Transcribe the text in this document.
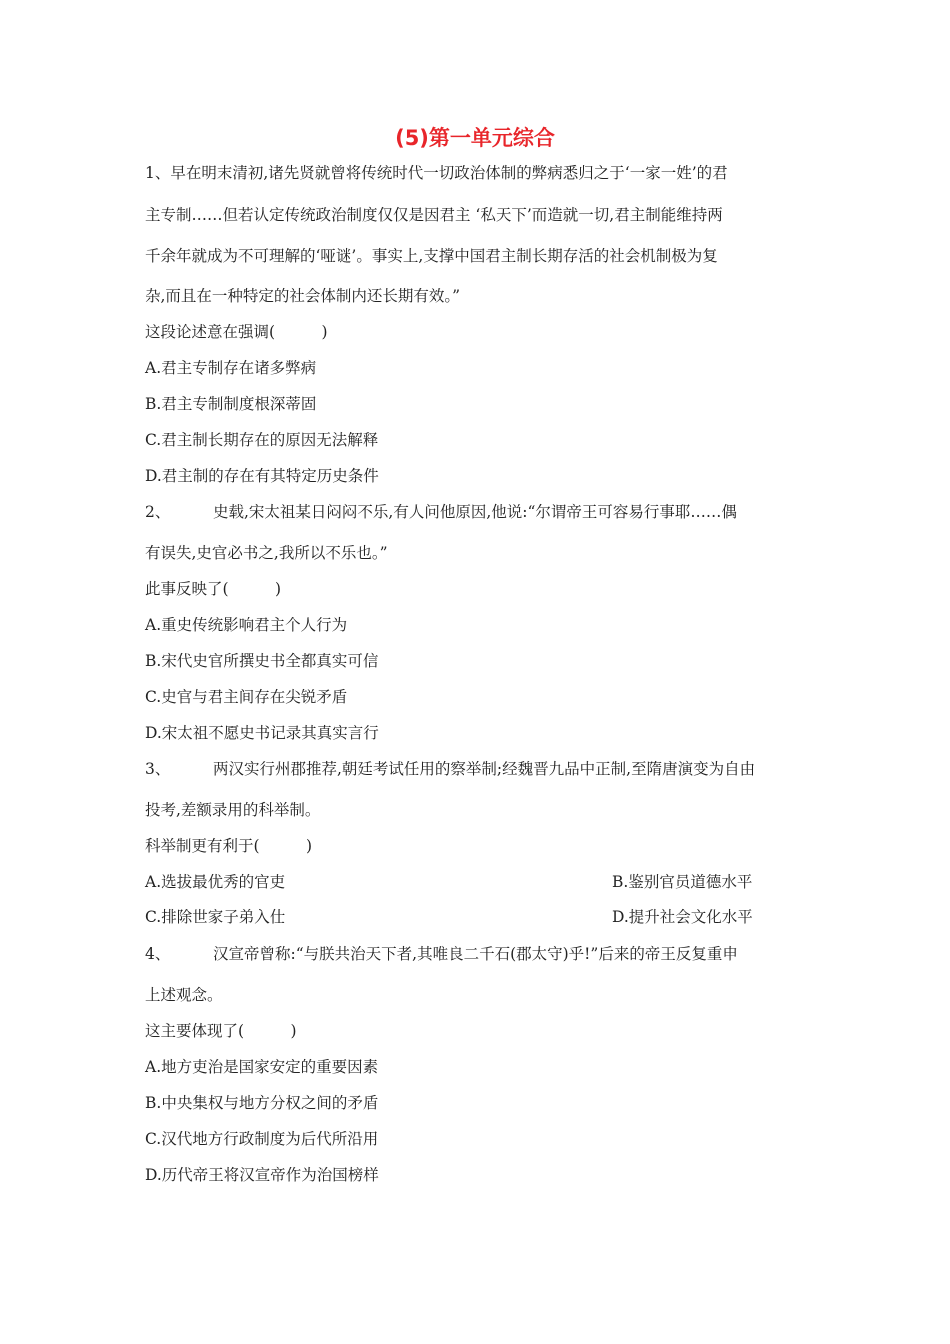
(5)第一单元综合
1、早在明末清初,诸先贤就曾将传统时代一切政治体制的弊病悉归之于‘一家一姓’的君
主专制……但若认定传统政治制度仅仅是因君主 ‘私天下’而造就一切,君主制能维持两
千余年就成为不可理解的‘哑谜’。事实上,支撑中国君主制长期存活的社会机制极为复
杂,而且在一种特定的社会体制内还长期有效。”
这段论述意在强调(　　　)
A.君主专制存在诸多弊病
B.君主专制制度根深蒂固
C.君主制长期存在的原因无法解释
D.君主制的存在有其特定历史条件
2、	史载,宋太祖某日闷闷不乐,有人问他原因,他说:“尔谓帝王可容易行事耶……偶
有误失,史官必书之,我所以不乐也。”
此事反映了(　　　)
A.重史传统影响君主个人行为
B.宋代史官所撰史书全都真实可信
C.史官与君主间存在尖锐矛盾
D.宋太祖不愿史书记录其真实言行
3、	两汉实行州郡推荐,朝廷考试任用的察举制;经魏晋九品中正制,至隋唐演变为自由
投考,差额录用的科举制。
科举制更有利于(　　　)
A.选拔最优秀的官吏	B.鉴别官员道德水平
C.排除世家子弟入仕	D.提升社会文化水平
4、	汉宣帝曾称:“与朕共治天下者,其唯良二千石(郡太守)乎!”后来的帝王反复重申
上述观念。
这主要体现了(　　　)
A.地方吏治是国家安定的重要因素
B.中央集权与地方分权之间的矛盾
C.汉代地方行政制度为后代所沿用
D.历代帝王将汉宣帝作为治国榜样
